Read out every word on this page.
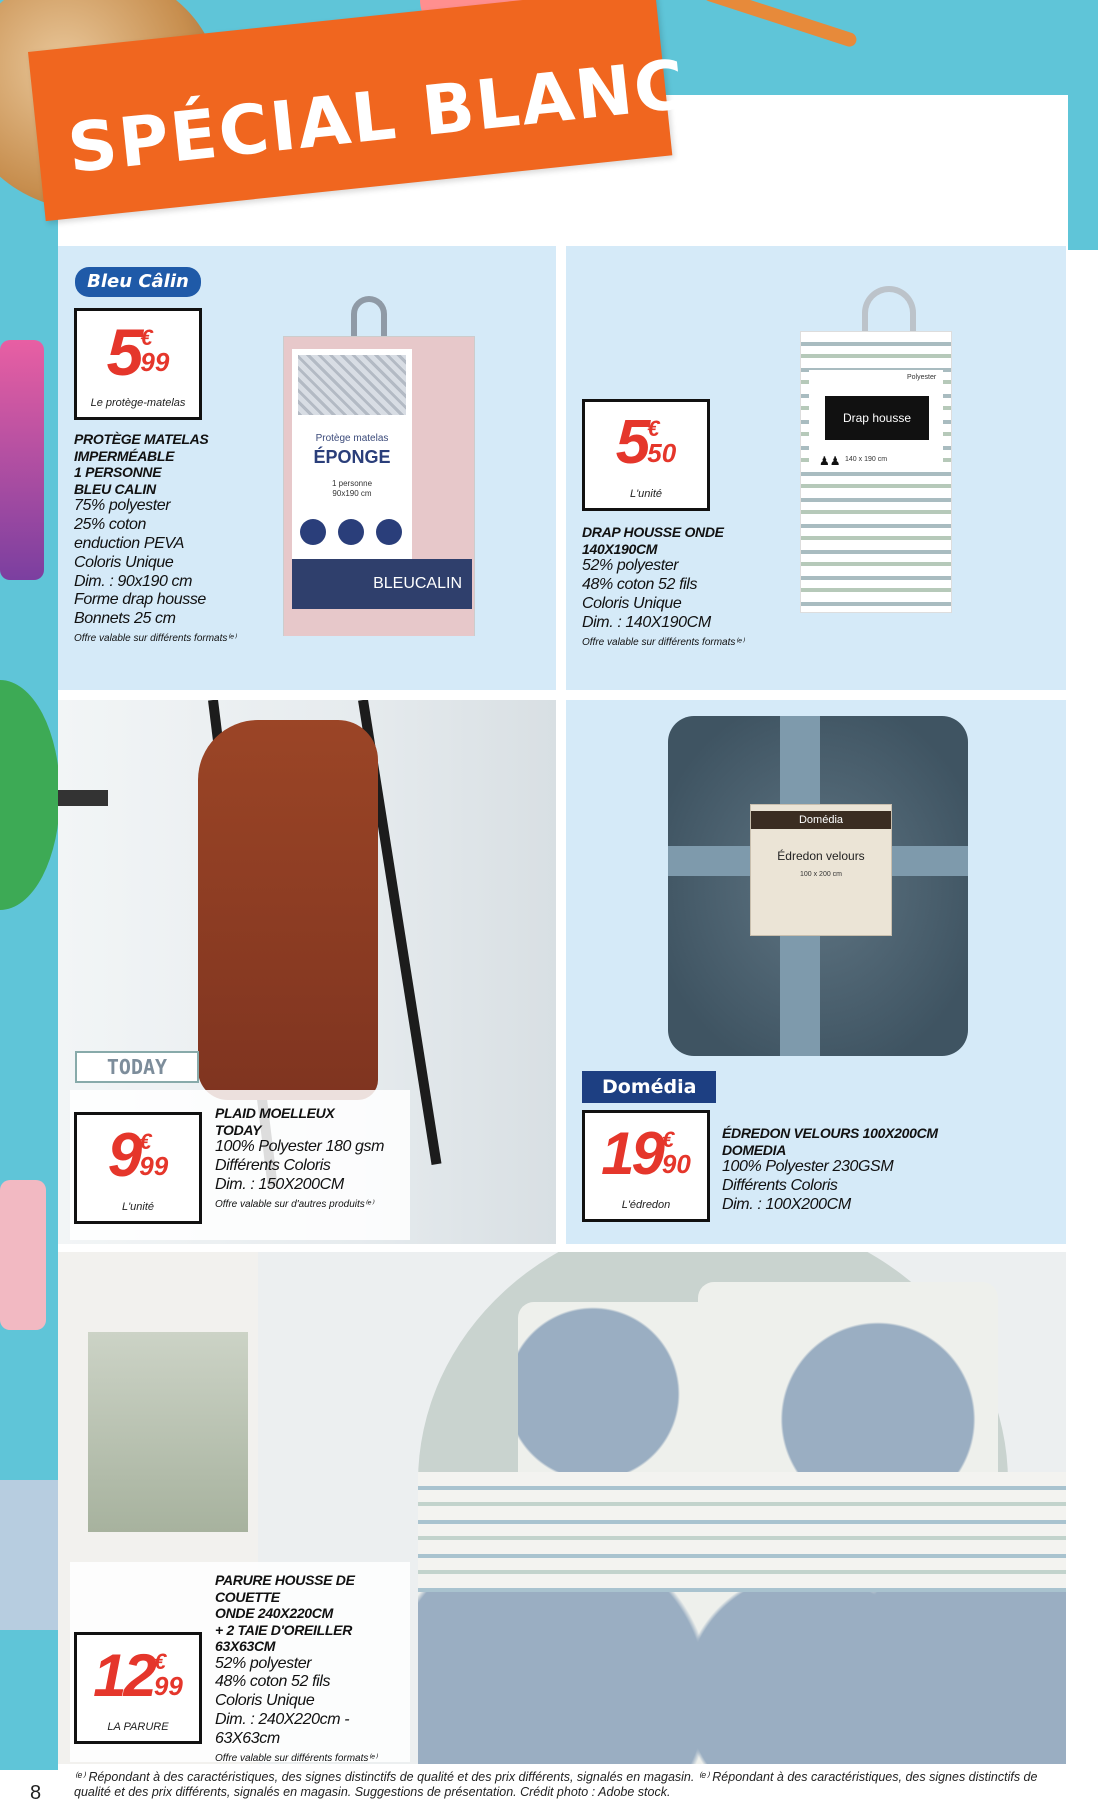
SPÉCIAL BLANC
Bleu Câlin
5 €
99
Le protège-matelas
PROTÈGE MATELAS
IMPERMÉABLE
1 PERSONNE
BLEU CALIN
75% polyester
25% coton
enduction PEVA
Coloris Unique
Dim. : 90x190 cm
Forme drap housse
Bonnets 25 cm
Offre valable sur différents formats⁽ᵉ⁾
Protège matelas
ÉPONGE
1 personne
90x190 cm
BLEUCALIN
5 €
50
L'unité
DRAP HOUSSE ONDE
140X190CM
52% polyester
48% coton 52 fils
Coloris Unique
Dim. : 140X190CM
Offre valable sur différents formats⁽ᵉ⁾
Polyester
Drap housse
140 x 190 cm
♟♟
TODAY
9 €
99
L'unité
PLAID MOELLEUX
TODAY
100% Polyester 180 gsm
Différents Coloris
Dim. : 150X200CM
Offre valable sur d'autres produits⁽ᵉ⁾
Domédia
Édredon velours
100 x 200 cm
Domédia
19 €
90
L'édredon
ÉDREDON VELOURS 100X200CM
DOMEDIA
100% Polyester 230GSM
Différents Coloris
Dim. : 100X200CM
12 €
99
LA PARURE
PARURE HOUSSE DE COUETTE
ONDE 240X220CM
+ 2 TAIE D'OREILLER 63X63CM
52% polyester
48% coton 52 fils
Coloris Unique
Dim. : 240X220cm -
63X63cm
Offre valable sur différents formats⁽ᵉ⁾
8
⁽ᵉ⁾ Répondant à des caractéristiques, des signes distinctifs de qualité et des prix différents, signalés en magasin. ⁽ᵉ⁾ Répondant à des caractéristiques, des signes distinctifs de qualité et des prix différents, signalés en magasin. Suggestions de présentation. Crédit photo : Adobe stock.
